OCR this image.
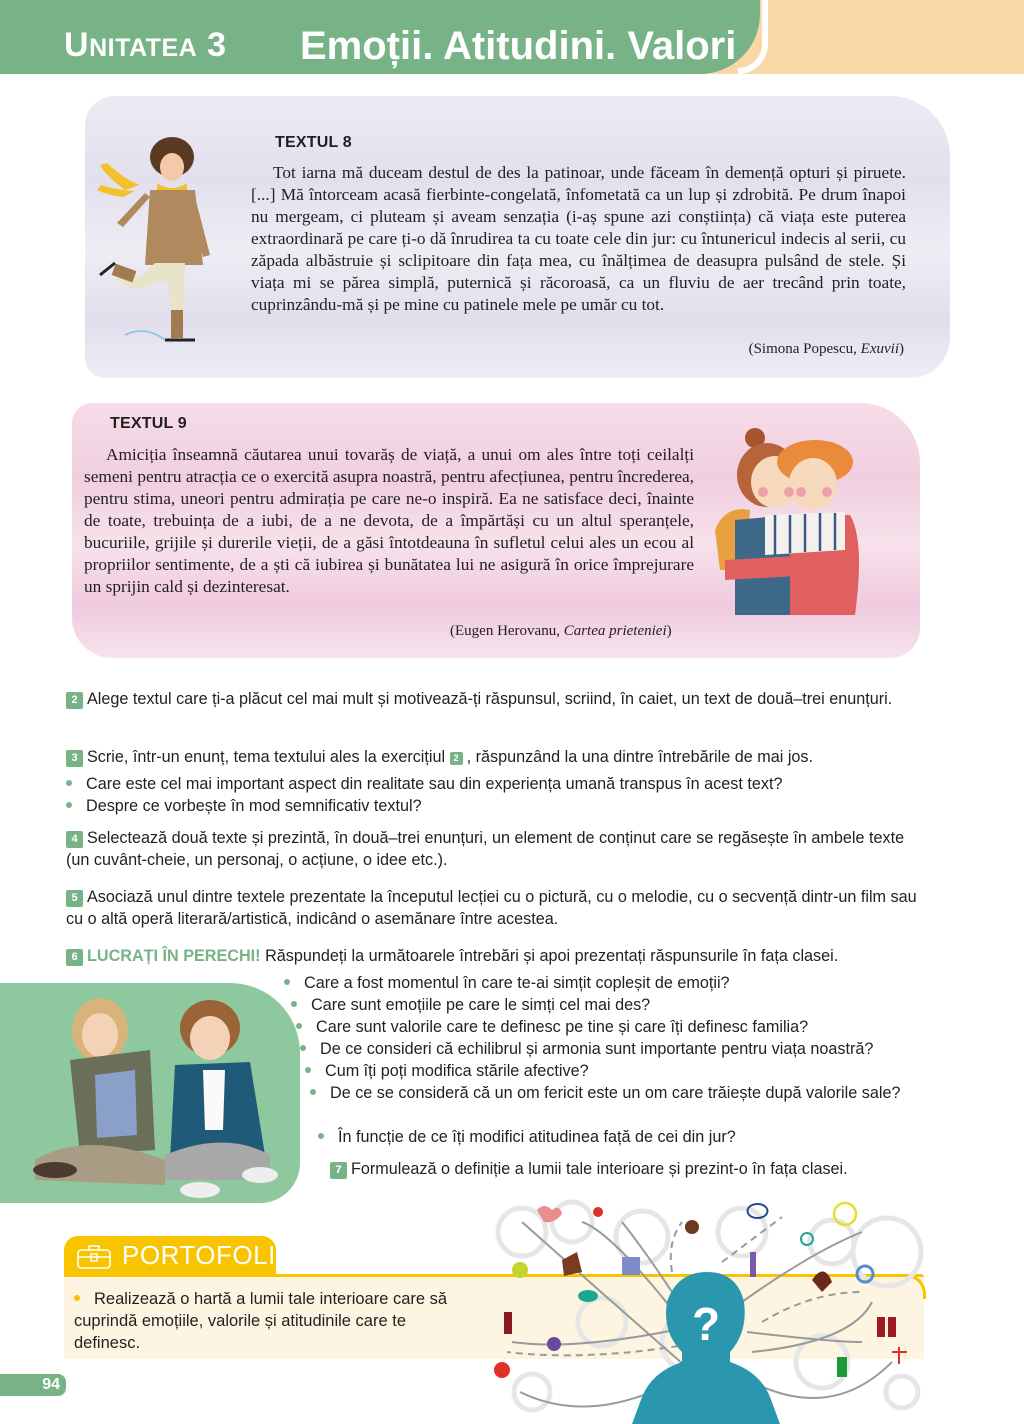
UNITATEA 3 Emoții. Atitudini. Valori
TEXTUL 8
Tot iarna mă duceam destul de des la patinoar, unde făceam în demență opturi și piruete. [...] Mă întorceam acasă fierbinte-congelată, înfometată ca un lup și zdrobită. Pe drum înapoi nu mergeam, ci pluteam și aveam senzația (i-aș spune azi conștiința) că viața este puterea extraordinară pe care ți-o dă înrudirea ta cu toate cele din jur: cu întunericul indecis al serii, cu zăpada albăstruie și sclipitoare din fața mea, cu înălțimea de deasupra pulsând de stele. Și viața mi se părea simplă, puternică și răcoroasă, ca un fluviu de aer trecând prin toate, cuprinzându-mă și pe mine cu patinele mele pe umăr cu tot.
(Simona Popescu, Exuvii)
TEXTUL 9
Amiciția înseamnă căutarea unui tovarăș de viață, a unui om ales între toți ceilalți semeni pentru atracția ce o exercită asupra noastră, pentru afecțiunea, pentru încrederea, pentru stima, uneori pentru admirația pe care ne-o inspiră. Ea ne satisface deci, înainte de toate, trebuința de a iubi, de a ne devota, de a împărtăși cu un altul speranțele, bucuriile, grijile și durerile vieții, de a găsi întotdeauna în sufletul celui ales un ecou al propriilor sentimente, de a ști că iubirea și bunătatea lui ne asigură în orice împrejurare un sprijin cald și dezinteresat.
(Eugen Herovanu, Cartea prieteniei)
2 Alege textul care ți-a plăcut cel mai mult și motivează-ți răspunsul, scriind, în caiet, un text de două–trei enunțuri.
3 Scrie, într-un enunț, tema textului ales la exercițiul 2 , răspunzând la una dintre întrebările de mai jos.
Care este cel mai important aspect din realitate sau din experiența umană transpus în acest text?
Despre ce vorbește în mod semnificativ textul?
4 Selectează două texte și prezintă, în două–trei enunțuri, un element de conținut care se regăsește în ambele texte (un cuvânt-cheie, un personaj, o acțiune, o idee etc.).
5 Asociază unul dintre textele prezentate la începutul lecției cu o pictură, cu o melodie, cu o secvență dintr-un film sau cu o altă operă literară/artistică, indicând o asemănare între acestea.
6 LUCRAȚI ÎN PERECHI! Răspundeți la următoarele întrebări și apoi prezentați răspunsurile în fața clasei.
Care a fost momentul în care te-ai simțit copleșit de emoții?
Care sunt emoțiile pe care le simți cel mai des?
Care sunt valorile care te definesc pe tine și care îți definesc familia?
De ce consideri că echilibrul și armonia sunt importante pentru viața noastră?
Cum îți poți modifica stările afective?
De ce se consideră că un om fericit este un om care trăiește după valorile sale?
În funcție de ce îți modifici atitudinea față de cei din jur?
7 Formulează o definiție a lumii tale interioare și prezint-o în fața clasei.
PORTOFOLIU
Realizează o hartă a lumii tale interioare care să cuprindă emoțiile, valorile și atitudinile care te definesc.	?
94
